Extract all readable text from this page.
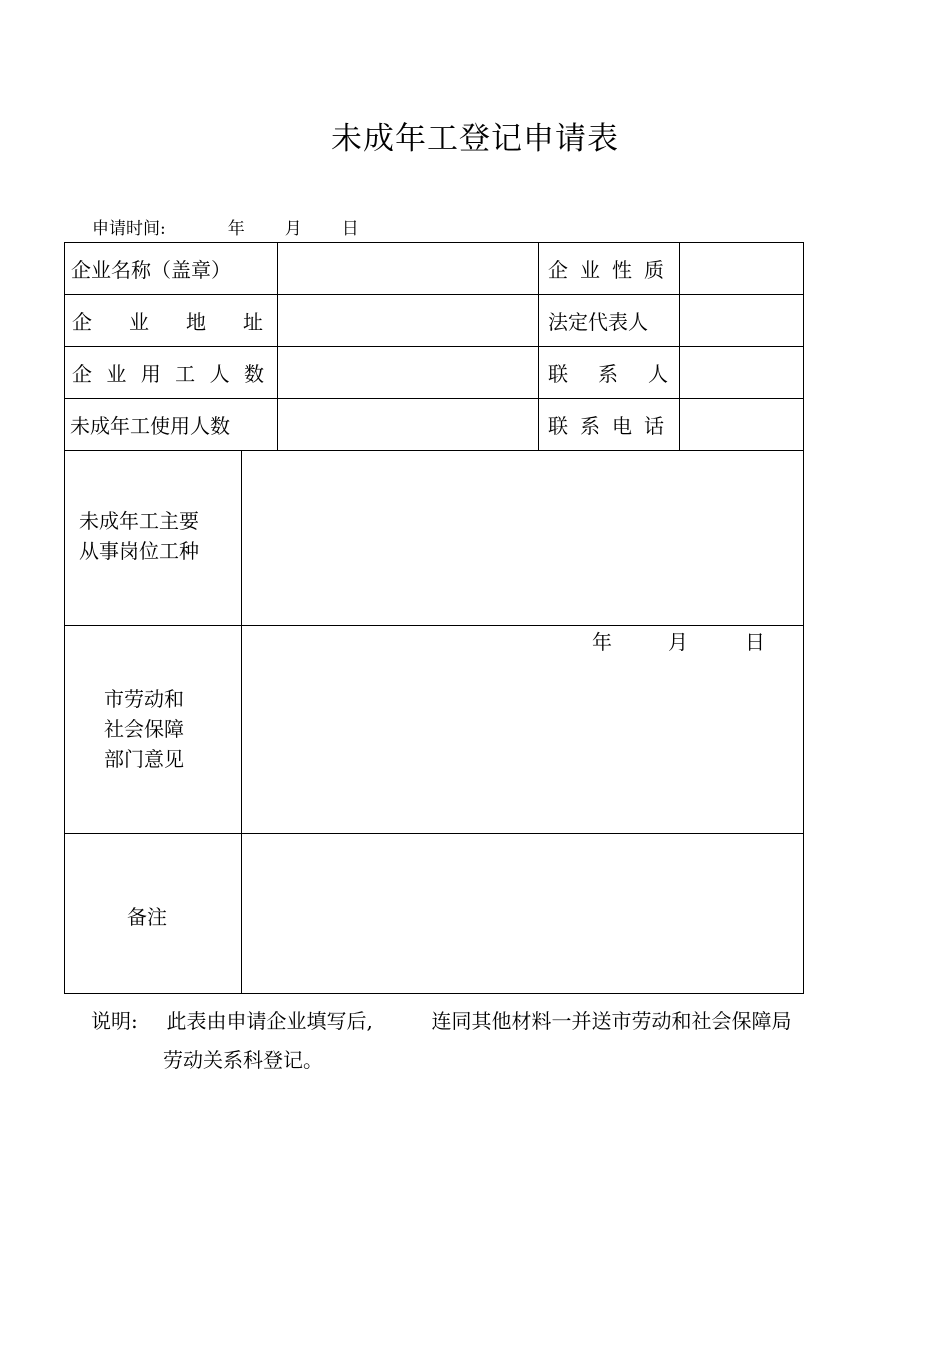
未成年工登记申请表
申请时间:	年 月 日
企业名称（盖章）	企 业 性 质
企 业 地 址	法定代表人
企 业 用 工 人 数	联 系 人
未成年工使用人数	联 系 电 话
未成年工主要
从事岗位工种
市劳动和
社会保障
部门意见
年	月	日
备注
说明: 此表由申请企业填写后,	连同其他材料一并送市劳动和社会保障局
劳动关系科登记。
